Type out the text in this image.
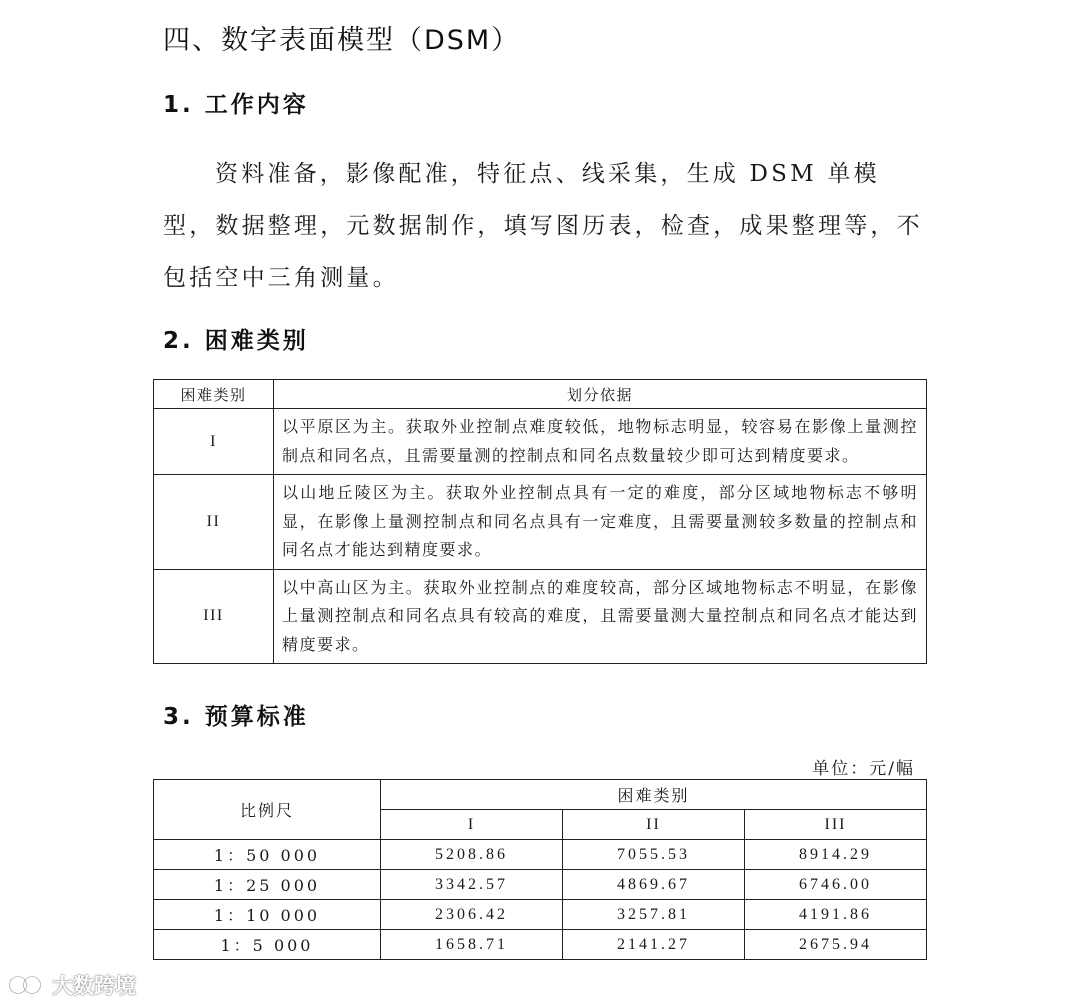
四、数字表面模型（DSM）
1. 工作内容
资料准备，影像配准，特征点、线采集，生成 DSM 单模型，数据整理，元数据制作，填写图历表，检查，成果整理等，不包括空中三角测量。
2. 困难类别
困难类别	划分依据
I	以平原区为主。获取外业控制点难度较低，地物标志明显，较容易在影像上量测控制点和同名点，且需要量测的控制点和同名点数量较少即可达到精度要求。
II	以山地丘陵区为主。获取外业控制点具有一定的难度，部分区域地物标志不够明显，在影像上量测控制点和同名点具有一定难度，且需要量测较多数量的控制点和同名点才能达到精度要求。
III	以中高山区为主。获取外业控制点的难度较高，部分区域地物标志不明显，在影像上量测控制点和同名点具有较高的难度，且需要量测大量控制点和同名点才能达到精度要求。
3. 预算标准
单位：元/幅
比例尺	困难类别		
	I	II	III
1：50 000	5208.86	7055.53	8914.29
1：25 000	3342.57	4869.67	6746.00
1：10 000	2306.42	3257.81	4191.86
1：5 000	1658.71	2141.27	2675.94
大数跨境
